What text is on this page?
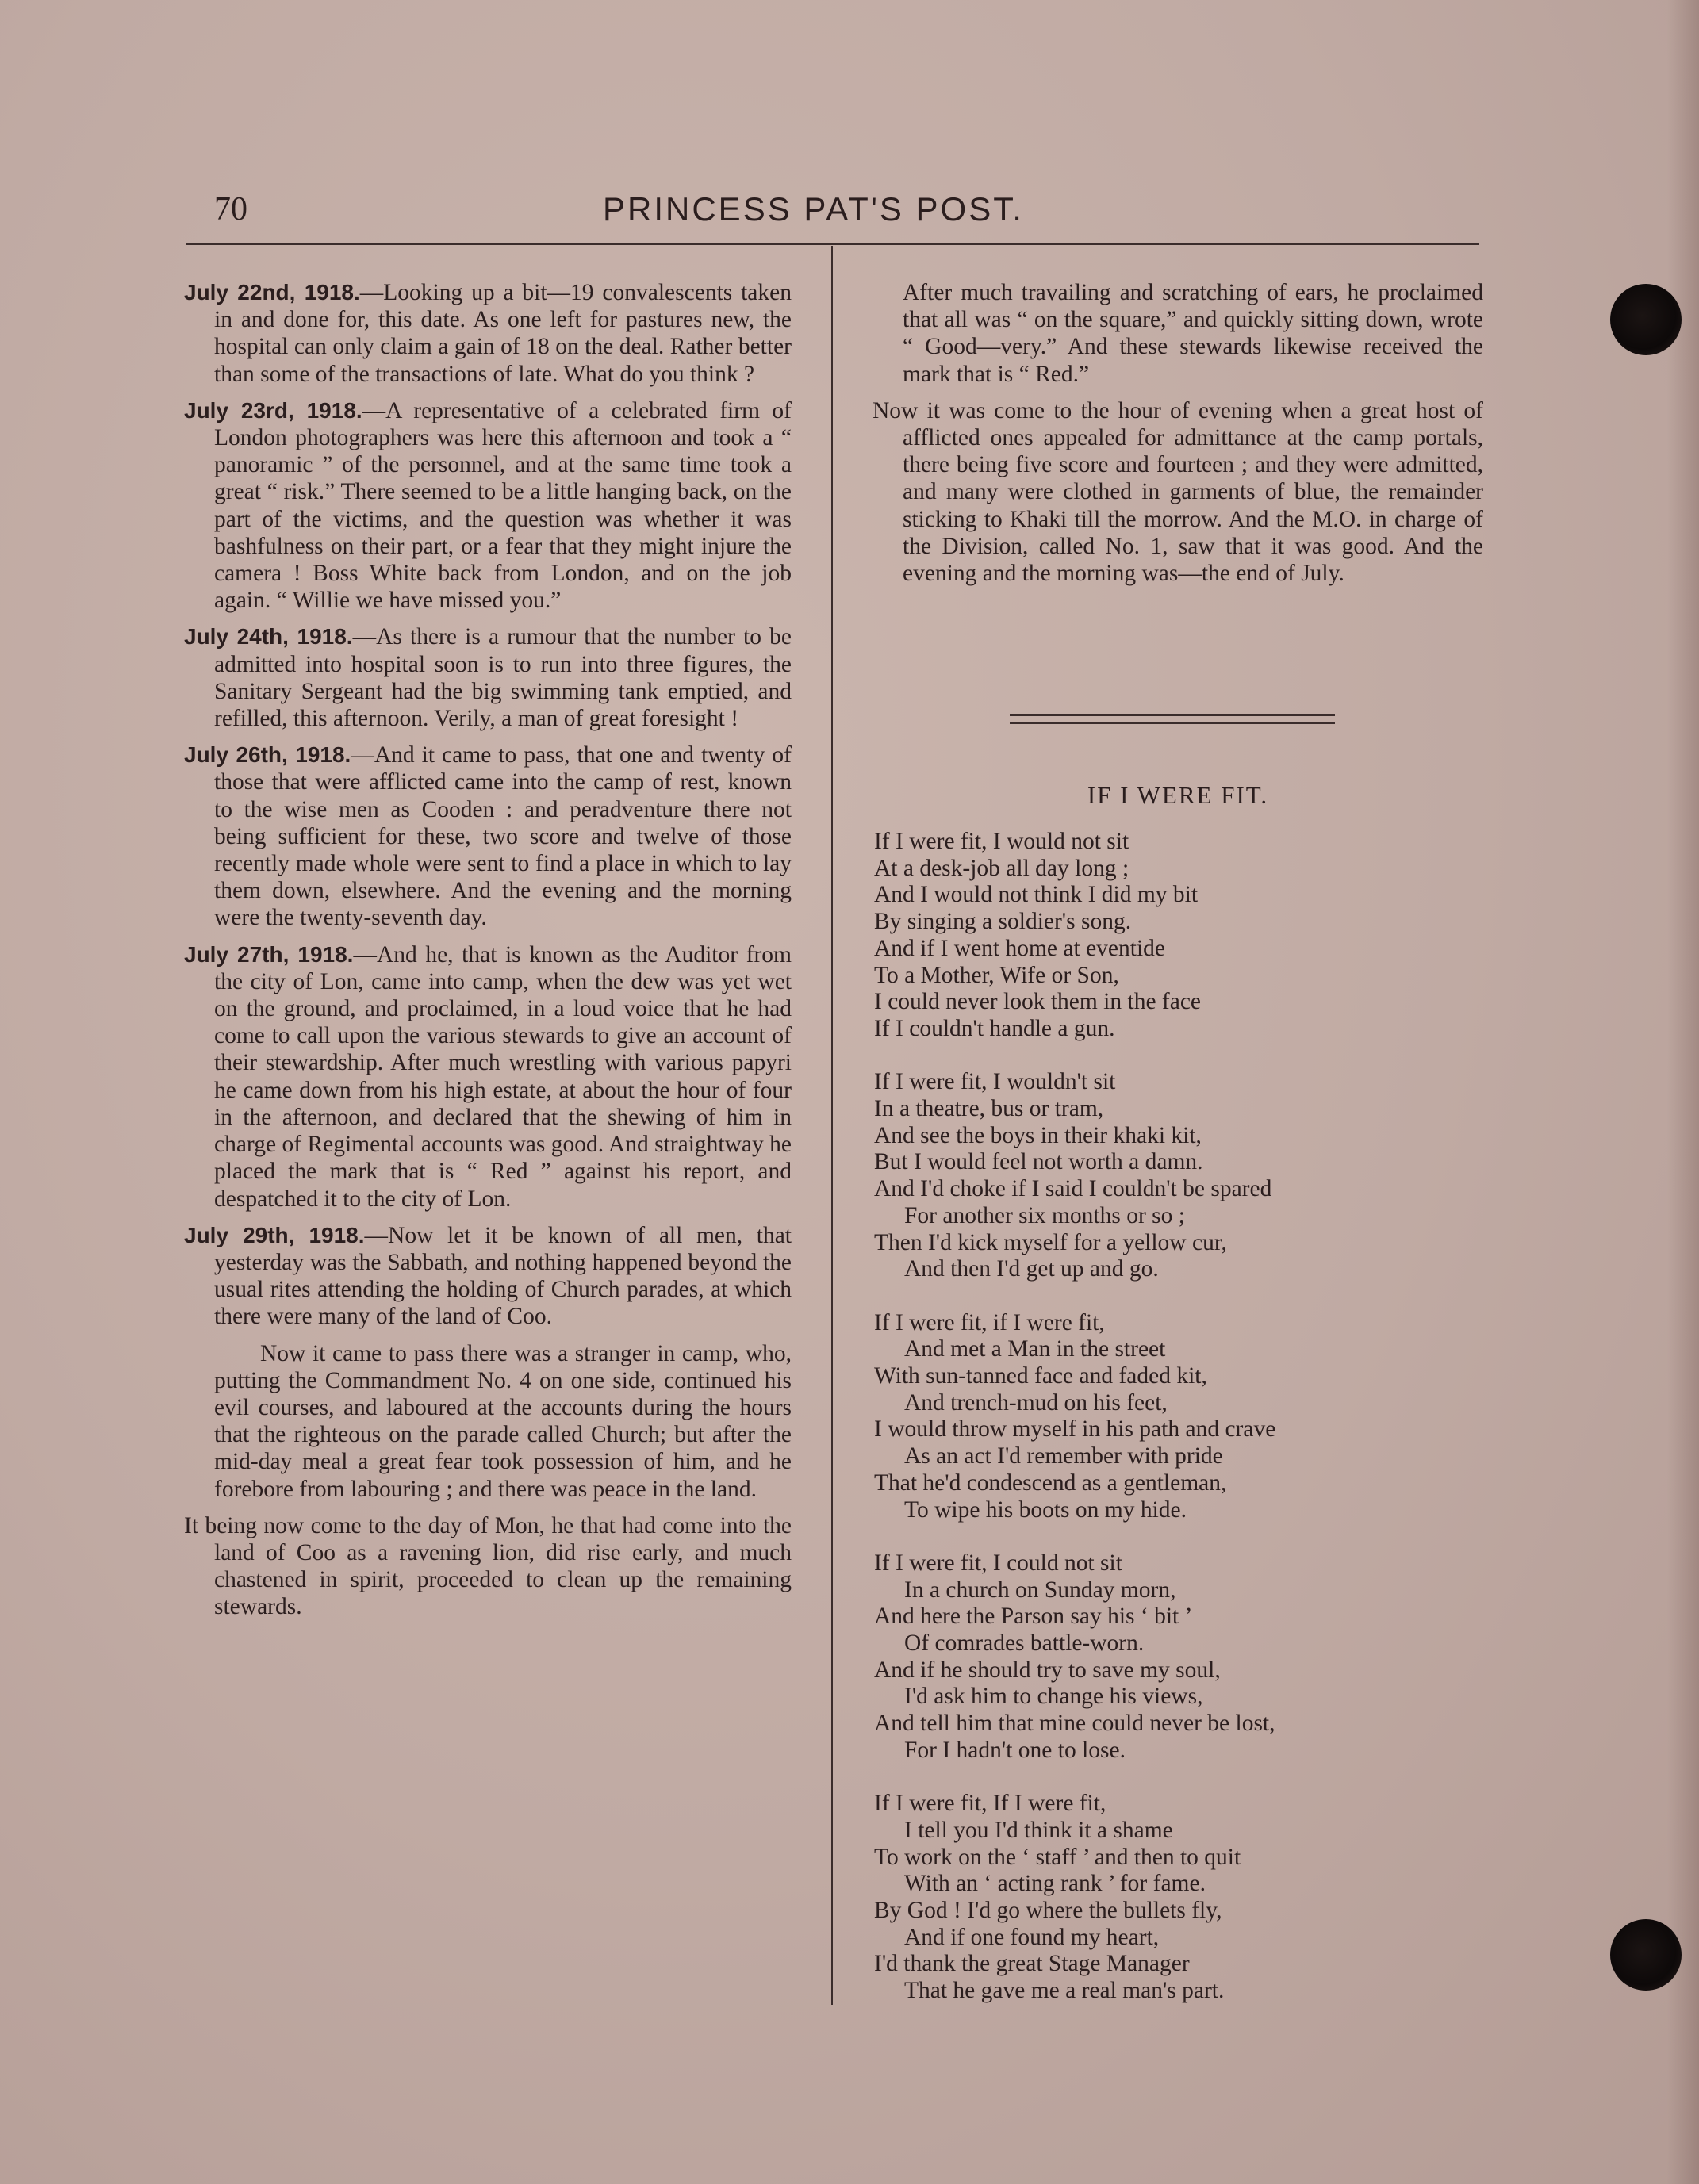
70	PRINCESS PAT'S POST.

July 22nd, 1918.—Looking up a bit—19 convalescents taken in and done for, this date. As one left for pastures new, the hospital can only claim a gain of 18 on the deal. Rather better than some of the transactions of late. What do you think ?

July 23rd, 1918.—A representative of a celebrated firm of London photographers was here this afternoon and took a “ panoramic ” of the personnel, and at the same time took a great “ risk.” There seemed to be a little hanging back, on the part of the victims, and the question was whether it was bashfulness on their part, or a fear that they might injure the camera ! Boss White back from London, and on the job again. “ Willie we have missed you.”

July 24th, 1918.—As there is a rumour that the number to be admitted into hospital soon is to run into three figures, the Sanitary Sergeant had the big swimming tank emptied, and refilled, this afternoon. Verily, a man of great foresight !

July 26th, 1918.—And it came to pass, that one and twenty of those that were afflicted came into the camp of rest, known to the wise men as Cooden : and peradventure there not being sufficient for these, two score and twelve of those recently made whole were sent to find a place in which to lay them down, elsewhere. And the evening and the morning were the twenty-seventh day.

July 27th, 1918.—And he, that is known as the Auditor from the city of Lon, came into camp, when the dew was yet wet on the ground, and proclaimed, in a loud voice that he had come to call upon the various stewards to give an account of their stewardship. After much wrestling with various papyri he came down from his high estate, at about the hour of four in the afternoon, and declared that the shewing of him in charge of Regimental accounts was good. And straightway he placed the mark that is “ Red ” against his report, and despatched it to the city of Lon.

July 29th, 1918.—Now let it be known of all men, that yesterday was the Sabbath, and nothing happened beyond the usual rites attending the holding of Church parades, at which there were many of the land of Coo.

Now it came to pass there was a stranger in camp, who, putting the Commandment No. 4 on one side, continued his evil courses, and laboured at the accounts during the hours that the righteous on the parade called Church; but after the mid-day meal a great fear took possession of him, and he forebore from labouring ; and there was peace in the land.

It being now come to the day of Mon, he that had come into the land of Coo as a ravening lion, did rise early, and much chastened in spirit, proceeded to clean up the remaining stewards.

After much travailing and scratching of ears, he proclaimed that all was “ on the square,” and quickly sitting down, wrote “ Good—very.” And these stewards likewise received the mark that is “ Red.”

Now it was come to the hour of evening when a great host of afflicted ones appealed for admittance at the camp portals, there being five score and fourteen ; and they were admitted, and many were clothed in garments of blue, the remainder sticking to Khaki till the morrow. And the M.O. in charge of the Division, called No. 1, saw that it was good. And the evening and the morning was—the end of July.

IF I WERE FIT.
If I were fit, I would not sit
At a desk-job all day long ;
And I would not think I did my bit
By singing a soldier's song.
And if I went home at eventide
To a Mother, Wife or Son,
I could never look them in the face
If I couldn't handle a gun.
If I were fit, I wouldn't sit
In a theatre, bus or tram,
And see the boys in their khaki kit,
But I would feel not worth a damn.
And I'd choke if I said I couldn't be spared
For another six months or so ;
Then I'd kick myself for a yellow cur,
And then I'd get up and go.
If I were fit, if I were fit,
And met a Man in the street
With sun-tanned face and faded kit,
And trench-mud on his feet,
I would throw myself in his path and crave
As an act I'd remember with pride
That he'd condescend as a gentleman,
To wipe his boots on my hide.
If I were fit, I could not sit
In a church on Sunday morn,
And here the Parson say his ‘ bit ’
Of comrades battle-worn.
And if he should try to save my soul,
I'd ask him to change his views,
And tell him that mine could never be lost,
For I hadn't one to lose.
If I were fit, If I were fit,
I tell you I'd think it a shame
To work on the ‘ staff ’ and then to quit
With an ‘ acting rank ’ for fame.
By God ! I'd go where the bullets fly,
And if one found my heart,
I'd thank the great Stage Manager
That he gave me a real man's part.
